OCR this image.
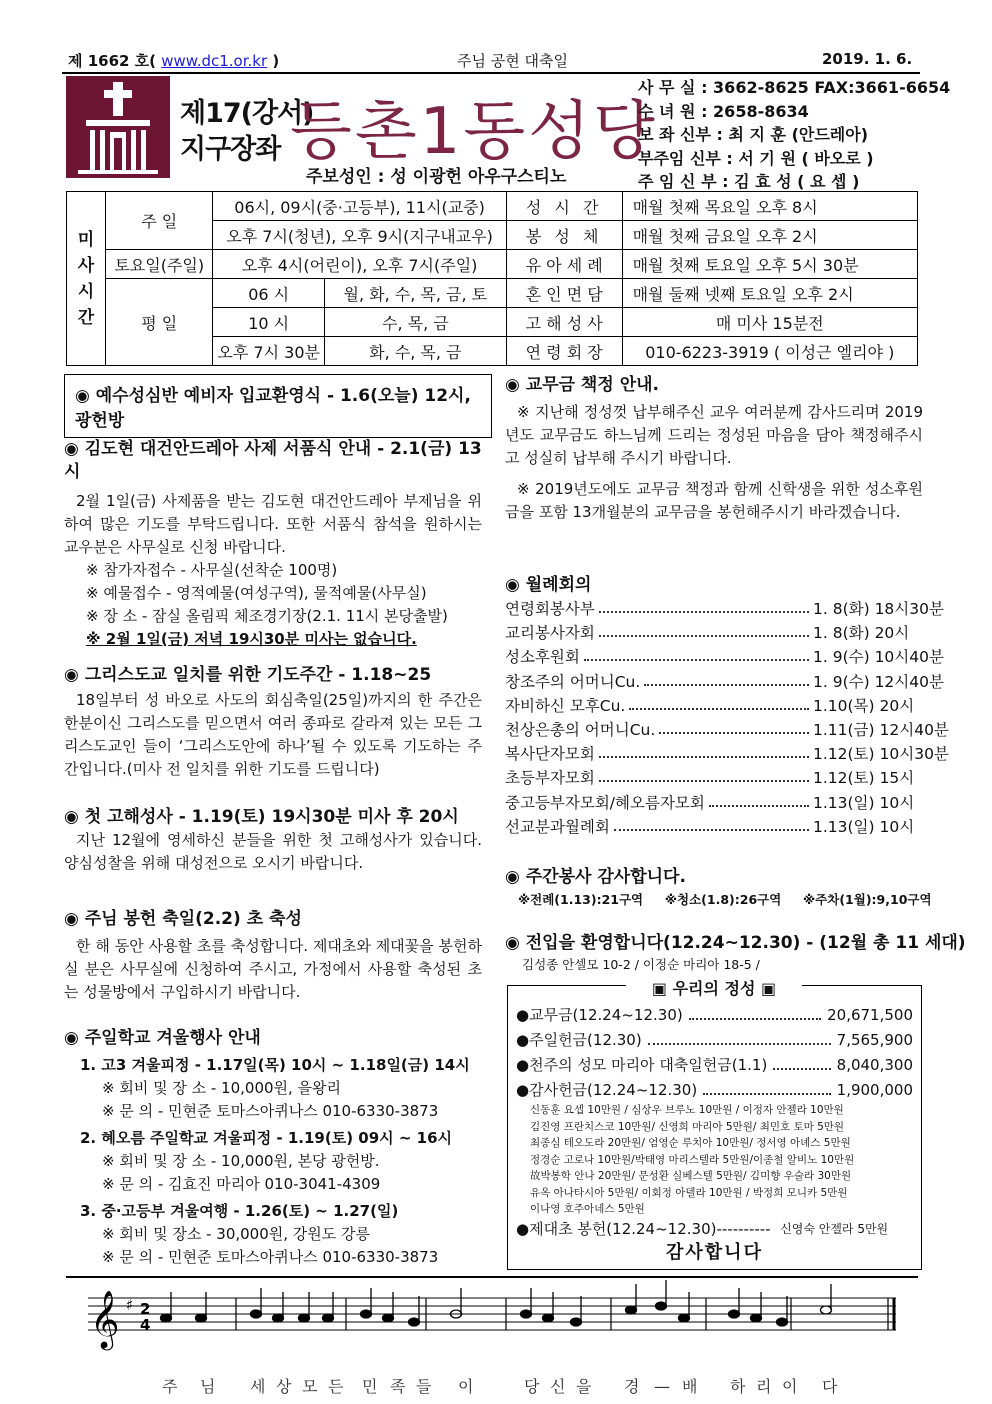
제 1662 호( www.dc1.or.kr )	주님 공현 대축일	2019. 1. 6.
제17(강서)
지구장좌 등촌1동성당
주보성인 : 성 이광헌 아우구스티노
사 무 실 : 3662-8625 FAX:3661-6654
수 녀 원 : 2658-8634
보 좌 신부 : 최 지 훈 (안드레아)
부주임 신부 : 서 기 원 ( 바오로 )
주 임 신 부 : 김 효 성 ( 요 셉 )
미
사
시
간	주 일	06시, 09시(중·고등부), 11시(교중)		성 시 간	매월 첫째 목요일 오후 8시
		오후 7시(청년), 오후 9시(지구내교우)		봉 성 체	매월 첫째 금요일 오후 2시
	토요일(주일)	오후 4시(어린이), 오후 7시(주일)		유 아 세 례	매월 첫째 토요일 오후 5시 30분
	평 일	06 시	월, 화, 수, 목, 금, 토	혼 인 면 담	매월 둘째 넷째 토요일 오후 2시
		10 시	수, 목, 금	고 해 성 사	매 미사 15분전
		오후 7시 30분	화, 수, 목, 금	연 령 회 장	010-6223-3919 ( 이성근 엘리야 )
◉ 예수성심반 예비자 입교환영식 - 1.6(오늘) 12시, 광헌방

◉ 김도현 대건안드레아 사제 서품식 안내 - 2.1(금) 13시

2월 1일(금) 사제품을 받는 김도현 대건안드레아 부제님을 위하여 많은 기도를 부탁드립니다. 또한 서품식 참석을 원하시는 교우분은 사무실로 신청 바랍니다.

※ 참가자접수 - 사무실(선착순 100명)

※ 예물접수 - 영적예물(여성구역), 물적예물(사무실)

※ 장 소 - 잠실 올림픽 체조경기장(2.1. 11시 본당출발)

※ 2월 1일(금) 저녁 19시30분 미사는 없습니다.

◉ 그리스도교 일치를 위한 기도주간 - 1.18~25

18일부터 성 바오로 사도의 회심축일(25일)까지의 한 주간은 한분이신 그리스도를 믿으면서 여러 종파로 갈라져 있는 모든 그리스도교인 들이 ‘그리스도안에 하나’될 수 있도록 기도하는 주간입니다.(미사 전 일치를 위한 기도를 드립니다)

◉ 첫 고해성사 - 1.19(토) 19시30분 미사 후 20시

지난 12월에 영세하신 분들을 위한 첫 고해성사가 있습니다. 양심성찰을 위해 대성전으로 오시기 바랍니다.

◉ 주님 봉헌 축일(2.2) 초 축성

한 해 동안 사용할 초를 축성합니다. 제대초와 제대꽃을 봉헌하실 분은 사무실에 신청하여 주시고, 가정에서 사용할 축성된 초는 성물방에서 구입하시기 바랍니다.

◉ 주일학교 겨울행사 안내

1. 고3 겨울피정 - 1.17일(목) 10시 ~ 1.18일(금) 14시

※ 회비 및 장 소 - 10,000원, 을왕리

※ 문 의 - 민현준 토마스아퀴나스 010-6330-3873

2. 혜오름 주일학교 겨울피정 - 1.19(토) 09시 ~ 16시

※ 회비 및 장 소 - 10,000원, 본당 광헌방.

※ 문 의 - 김효진 마리아 010-3041-4309

3. 중·고등부 겨울여행 - 1.26(토) ~ 1.27(일)

※ 회비 및 장소 - 30,000원, 강원도 강릉

※ 문 의 - 민현준 토마스아퀴나스 010-6330-3873

◉ 교무금 책정 안내.

※ 지난해 정성껏 납부해주신 교우 여러분께 감사드리며 2019년도 교무금도 하느님께 드리는 정성된 마음을 담아 책정해주시고 성실히 납부해 주시기 바랍니다.

※ 2019년도에도 교무금 책정과 함께 신학생을 위한 성소후원금을 포함 13개월분의 교무금을 봉헌해주시기 바라겠습니다.

◉ 월례회의

연령회봉사부	1. 8(화) 18시30분
교리봉사자회	1. 8(화) 20시
성소후원회	1. 9(수) 10시40분
창조주의 어머니Cu.	1. 9(수) 12시40분
자비하신 모후Cu.	1.10(목) 20시
천상은총의 어머니Cu.	1.11(금) 12시40분
복사단자모회	1.12(토) 10시30분
초등부자모회	1.12(토) 15시
중고등부자모회/혜오름자모회	1.13(일) 10시
선교분과월례회	1.13(일) 10시

◉ 주간봉사 감사합니다.

※전례(1.13):21구역     ※청소(1.8):26구역     ※주차(1월):9,10구역

◉ 전입을 환영합니다(12.24~12.30) - (12월 총 11 세대)

김성종 안셀모 10-2 / 이정순 마리아 18-5 /
▣ 우리의 정성 ▣
●교무금(12.24~12.30)	20,671,500
●주일헌금(12.30)	7,565,900
●천주의 성모 마리아 대축일헌금(1.1)	8,040,300
●감사헌금(12.24~12.30)	1,900,000
신동훈 요셉 10만원 / 심상우 브루노 10만원 / 이정자 안젤라 10만원
김진영 프란치스코 10만원/ 신영희 마리아 5만원/ 최민호 토마 5만원
최종심 테오도라 20만원/ 엄영순 루치아 10만원/ 정서영 아녜스 5만원
정경순 고로나 10만원/박태영 마리스텔라 5만원/이종철 알비노 10만원
故박봉학 안나 20만원/ 문성환 실베스텔 5만원/ 김미향 우술라 30만원
유옥 아나타시아 5만원/ 이회정 아델라 10만원 / 박정희 모니카 5만원
이나영 호주아네스 5만원
●제대초 봉헌(12.24~12.30)----------
신영숙 안젤라 5만원
감사합니다
𝄞 ♯ 2
4
주 님 세 상 모 든 민 족 들 이	당 신 을 경 — 배 하 리 이 다
